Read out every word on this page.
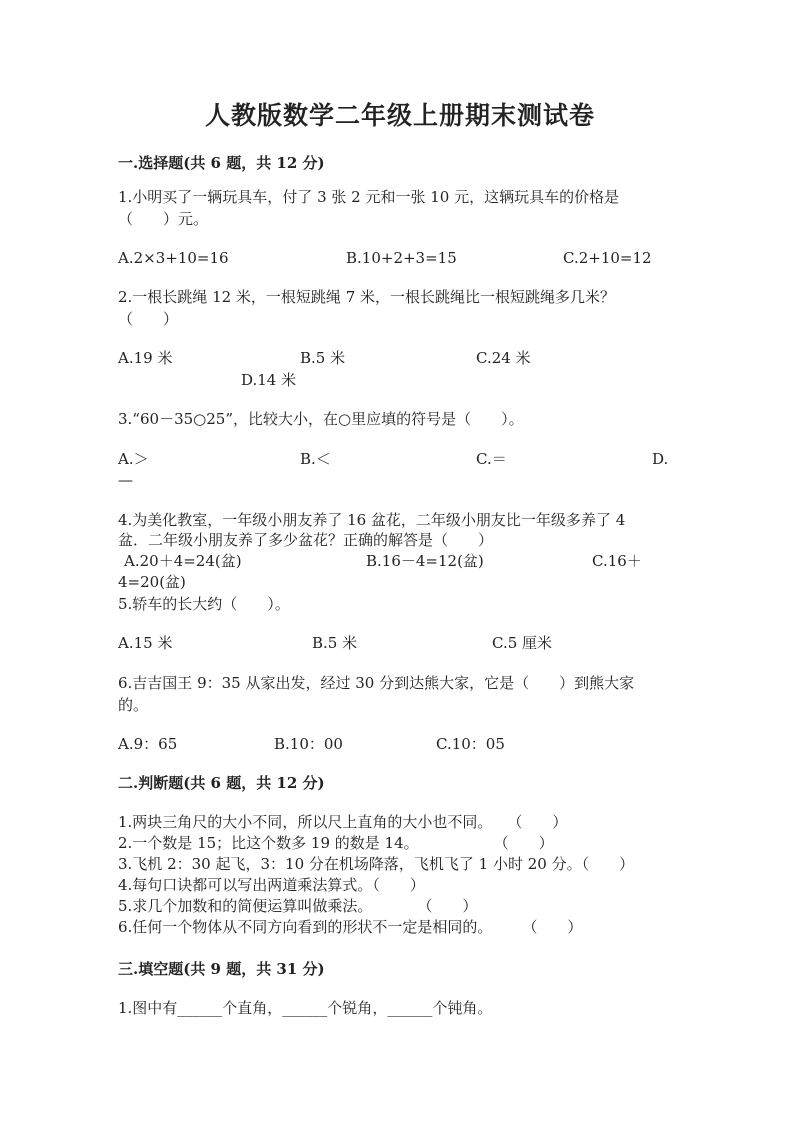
人教版数学二年级上册期末测试卷
一.选择题(共 6 题，共 12 分)
1.小明买了一辆玩具车，付了 3 张 2 元和一张 10 元，这辆玩具车的价格是
（　　）元。
A.2×3+10=16	B.10+2+3=15	C.2+10=12
2.一根长跳绳 12 米，一根短跳绳 7 米，一根长跳绳比一根短跳绳多几米？
（　　）
A.19 米	B.5 米	C.24 米
D.14 米
3.“60－35○25”，比较大小，在○里应填的符号是（　　）。
A.＞	B.＜	C.＝	D.
—
4.为美化教室，一年级小朋友养了 16 盆花，二年级小朋友比一年级多养了 4
盆．二年级小朋友养了多少盆花？正确的解答是（　　）
A.20＋4=24(盆)	B.16－4=12(盆)	C.16＋
4=20(盆)
5.轿车的长大约（　　）。
A.15 米	B.5 米	C.5 厘米
6.吉吉国王 9：35 从家出发，经过 30 分到达熊大家，它是（　　）到熊大家
的。
A.9：65	B.10：00	C.10：05
二.判断题(共 6 题，共 12 分)
1.两块三角尺的大小不同，所以尺上直角的大小也不同。　　（　　）
2.一个数是 15；比这个数多 19 的数是 14。　　　　　　（　　）
3.飞机 2：30 起飞，3：10 分在机场降落，飞机飞了 1 小时 20 分。（　　）
4.每句口诀都可以写出两道乘法算式。（　　）
5.求几个加数和的简便运算叫做乘法。　　　　（　　）
6.任何一个物体从不同方向看到的形状不一定是相同的。　　　（　　）
三.填空题(共 9 题，共 31 分)
1.图中有______个直角，______个锐角，______个钝角。
